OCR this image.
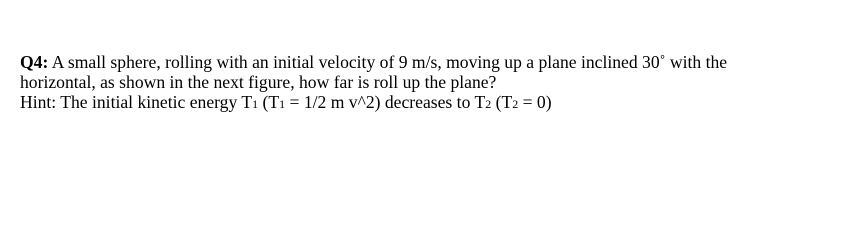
Q4: A small sphere, rolling with an initial velocity of 9 m/s, moving up a plane inclined 30˚ with the
horizontal, as shown in the next figure, how far is roll up the plane?
Hint: The initial kinetic energy T1 (T1 = 1/2 m v^2) decreases to T2 (T2 = 0)
